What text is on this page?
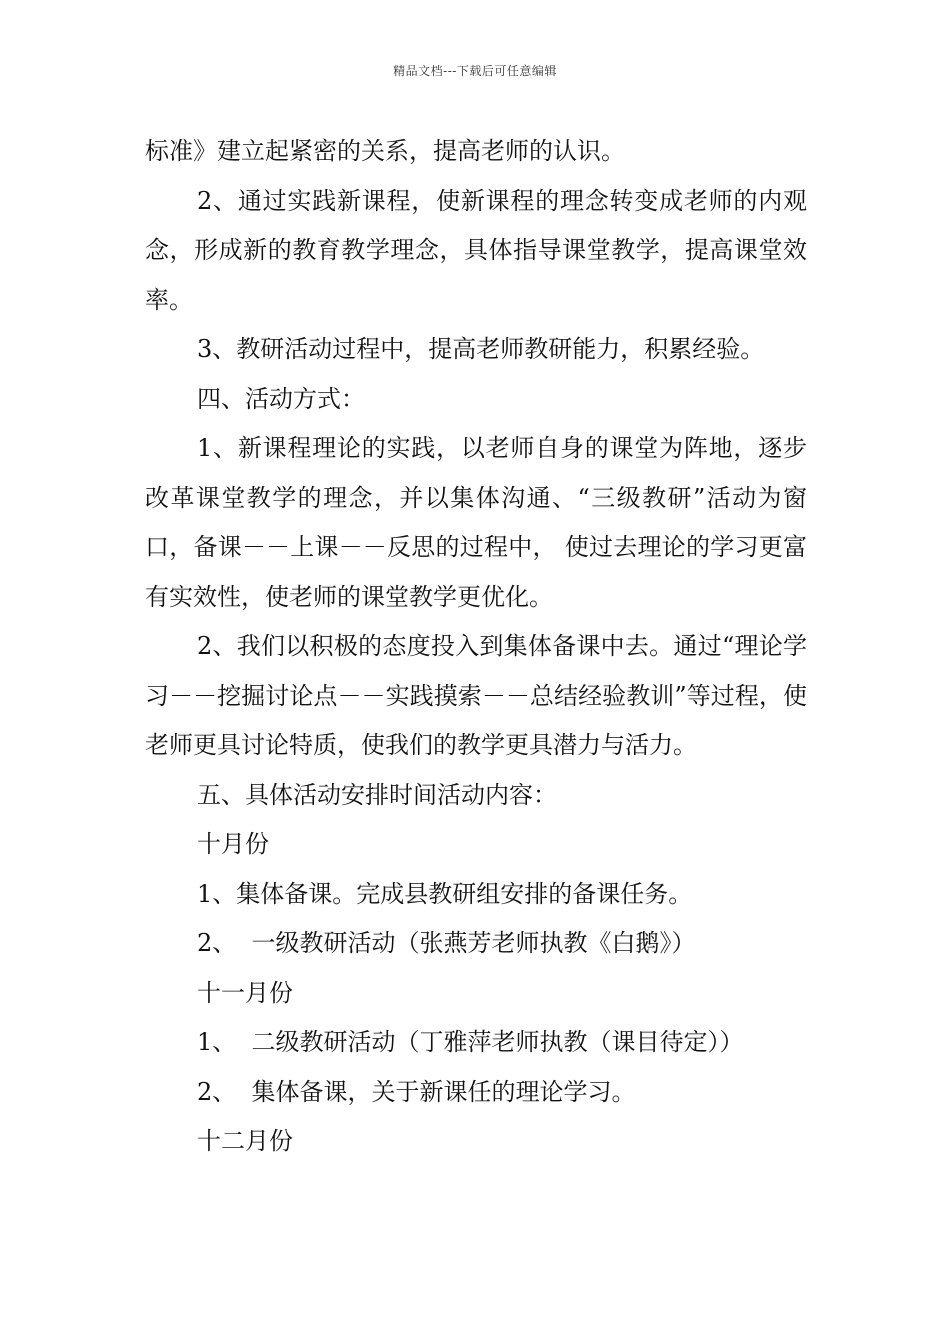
精品文档---下载后可任意编辑

标准》建立起紧密的关系，提高老师的认识。

2、通过实践新课程，使新课程的理念转变成老师的内观念，形成新的教育教学理念，具体指导课堂教学，提高课堂效率。

3、教研活动过程中，提高老师教研能力，积累经验。

四、活动方式：

1、新课程理论的实践，以老师自身的课堂为阵地，逐步改革课堂教学的理念，并以集体沟通、“三级教研”活动为窗口，备课－－上课－－反思的过程中， 使过去理论的学习更富有实效性，使老师的课堂教学更优化。

2、我们以积极的态度投入到集体备课中去。通过“理论学习－－挖掘讨论点－－实践摸索－－总结经验教训”等过程，使老师更具讨论特质，使我们的教学更具潜力与活力。

五、具体活动安排时间活动内容：

十月份

1、集体备课。完成县教研组安排的备课任务。

2、  一级教研活动（张燕芳老师执教《白鹅》）

十一月份

1、  二级教研活动（丁雅萍老师执教（课目待定））

2、  集体备课，关于新课任的理论学习。

十二月份
